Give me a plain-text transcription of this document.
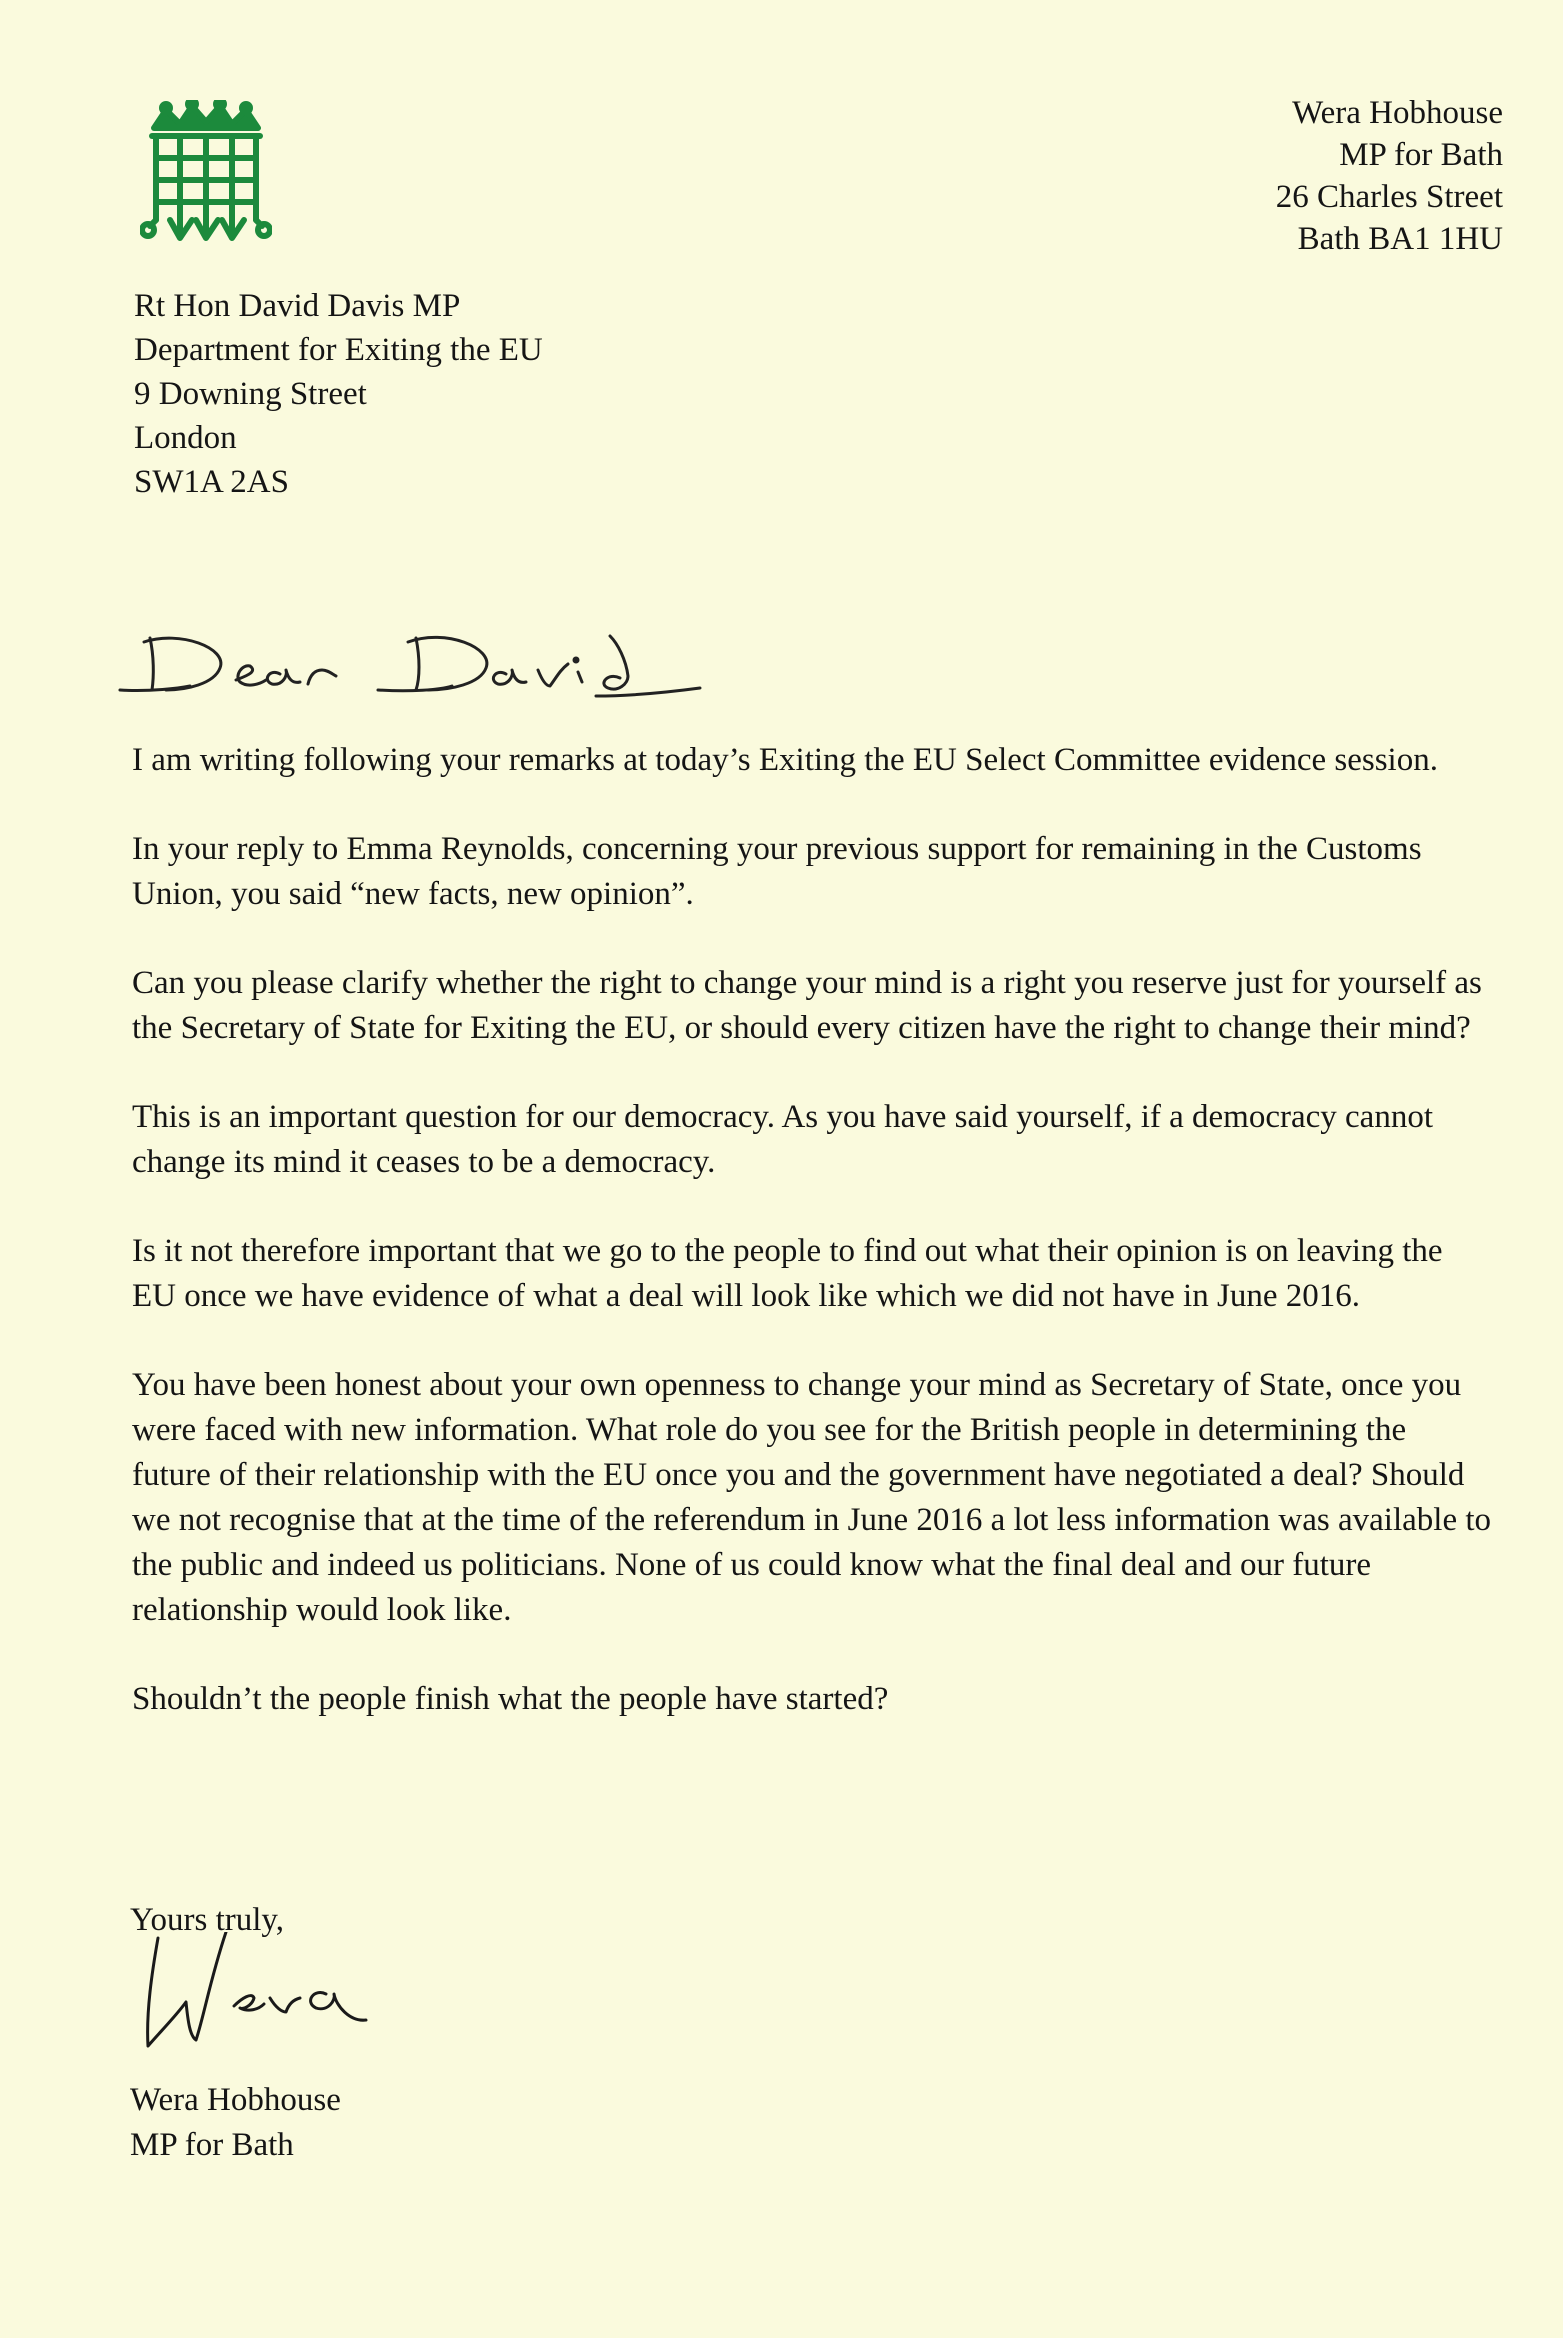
Wera Hobhouse
MP for Bath
26 Charles Street
Bath BA1 1HU
Rt Hon David Davis MP
Department for Exiting the EU
9 Downing Street
London
SW1A 2AS

I am writing following your remarks at today’s Exiting the EU Select Committee evidence session.

In your reply to Emma Reynolds, concerning your previous support for remaining in the Customs Union, you said “new facts, new opinion”.

Can you please clarify whether the right to change your mind is a right you reserve just for yourself as the Secretary of State for Exiting the EU, or should every citizen have the right to change their mind?

This is an important question for our democracy. As you have said yourself, if a democracy cannot change its mind it ceases to be a democracy.

Is it not therefore important that we go to the people to find out what their opinion is on leaving the EU once we have evidence of what a deal will look like which we did not have in June 2016.

You have been honest about your own openness to change your mind as Secretary of State, once you were faced with new information. What role do you see for the British people in determining the future of their relationship with the EU once you and the government have negotiated a deal? Should we not recognise that at the time of the referendum in June 2016 a lot less information was available to the public and indeed us politicians. None of us could know what the final deal and our future relationship would look like.

Shouldn’t the people finish what the people have started?

Yours truly,
Wera Hobhouse
MP for Bath
